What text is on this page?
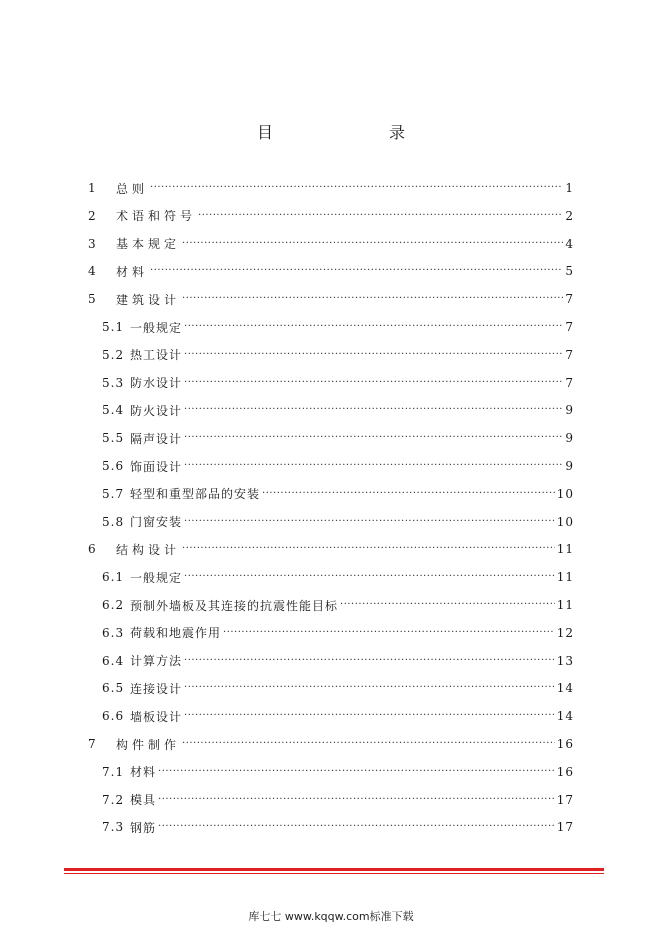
目　录
1	总则 ·····	1
2	术语和符号 ·····	2
3	基本规定 ·····	4
4	材料 ·····	5
5	建筑设计 ·····	7
5.1 一般规定 ·····	7
5.2 热工设计 ·····	7
5.3 防水设计 ·····	7
5.4 防火设计 ·····	9
5.5 隔声设计 ·····	9
5.6 饰面设计 ·····	9
5.7 轻型和重型部品的安装 ·····	10
5.8 门窗安装 ·····	10
6	结构设计 ·····	11
6.1 一般规定 ·····	11
6.2 预制外墙板及其连接的抗震性能目标 ·····	11
6.3 荷载和地震作用 ·····	12
6.4 计算方法 ·····	13
6.5 连接设计 ·····	14
6.6 墙板设计 ·····	14
7	构件制作 ·····	16
7.1 材料 ·····	16
7.2 模具 ·····	17
7.3 钢筋 ·····	17
库七七 www.kqqw.com标准下载
